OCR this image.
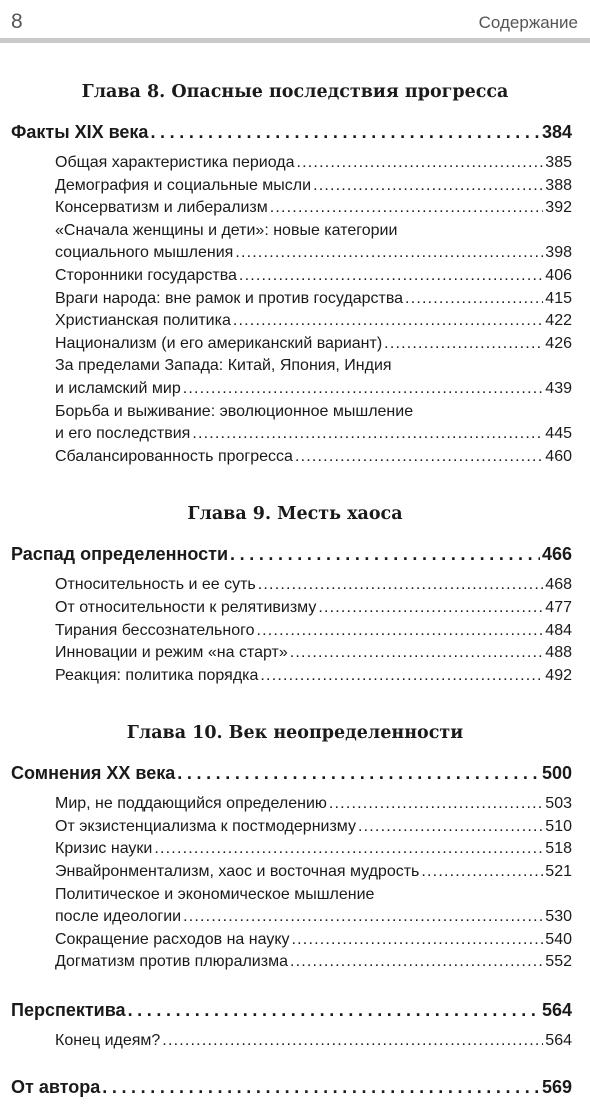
8	Содержание
Глава 8. Опасные последствия прогресса
Факты XIX века .....	384
Общая характеристика периода .....	385
Демография и социальные мысли .....	388
Консерватизм и либерализм .....	392
«Сначала женщины и дети»: новые категории
социального мышления .....	398
Сторонники государства .....	406
Враги народа: вне рамок и против государства .....	415
Христианская политика .....	422
Национализм (и его американский вариант) .....	426
За пределами Запада: Китай, Япония, Индия
и исламский мир .....	439
Борьба и выживание: эволюционное мышление
и его последствия .....	445
Сбалансированность прогресса .....	460
Глава 9. Месть хаоса
Распад определенности .....	466
Относительность и ее суть .....	468
От относительности к релятивизму .....	477
Тирания бессознательного .....	484
Инновации и режим «на старт» .....	488
Реакция: политика порядка .....	492
Глава 10. Век неопределенности
Сомнения XX века .....	500
Мир, не поддающийся определению .....	503
От экзистенциализма к постмодернизму .....	510
Кризис науки .....	518
Энвайронментализм, хаос и восточная мудрость .....	521
Политическое и экономическое мышление
после идеологии .....	530
Сокращение расходов на науку .....	540
Догматизм против плюрализма .....	552
Перспектива .....	564
Конец идеям? .....	564
От автора .....	569
